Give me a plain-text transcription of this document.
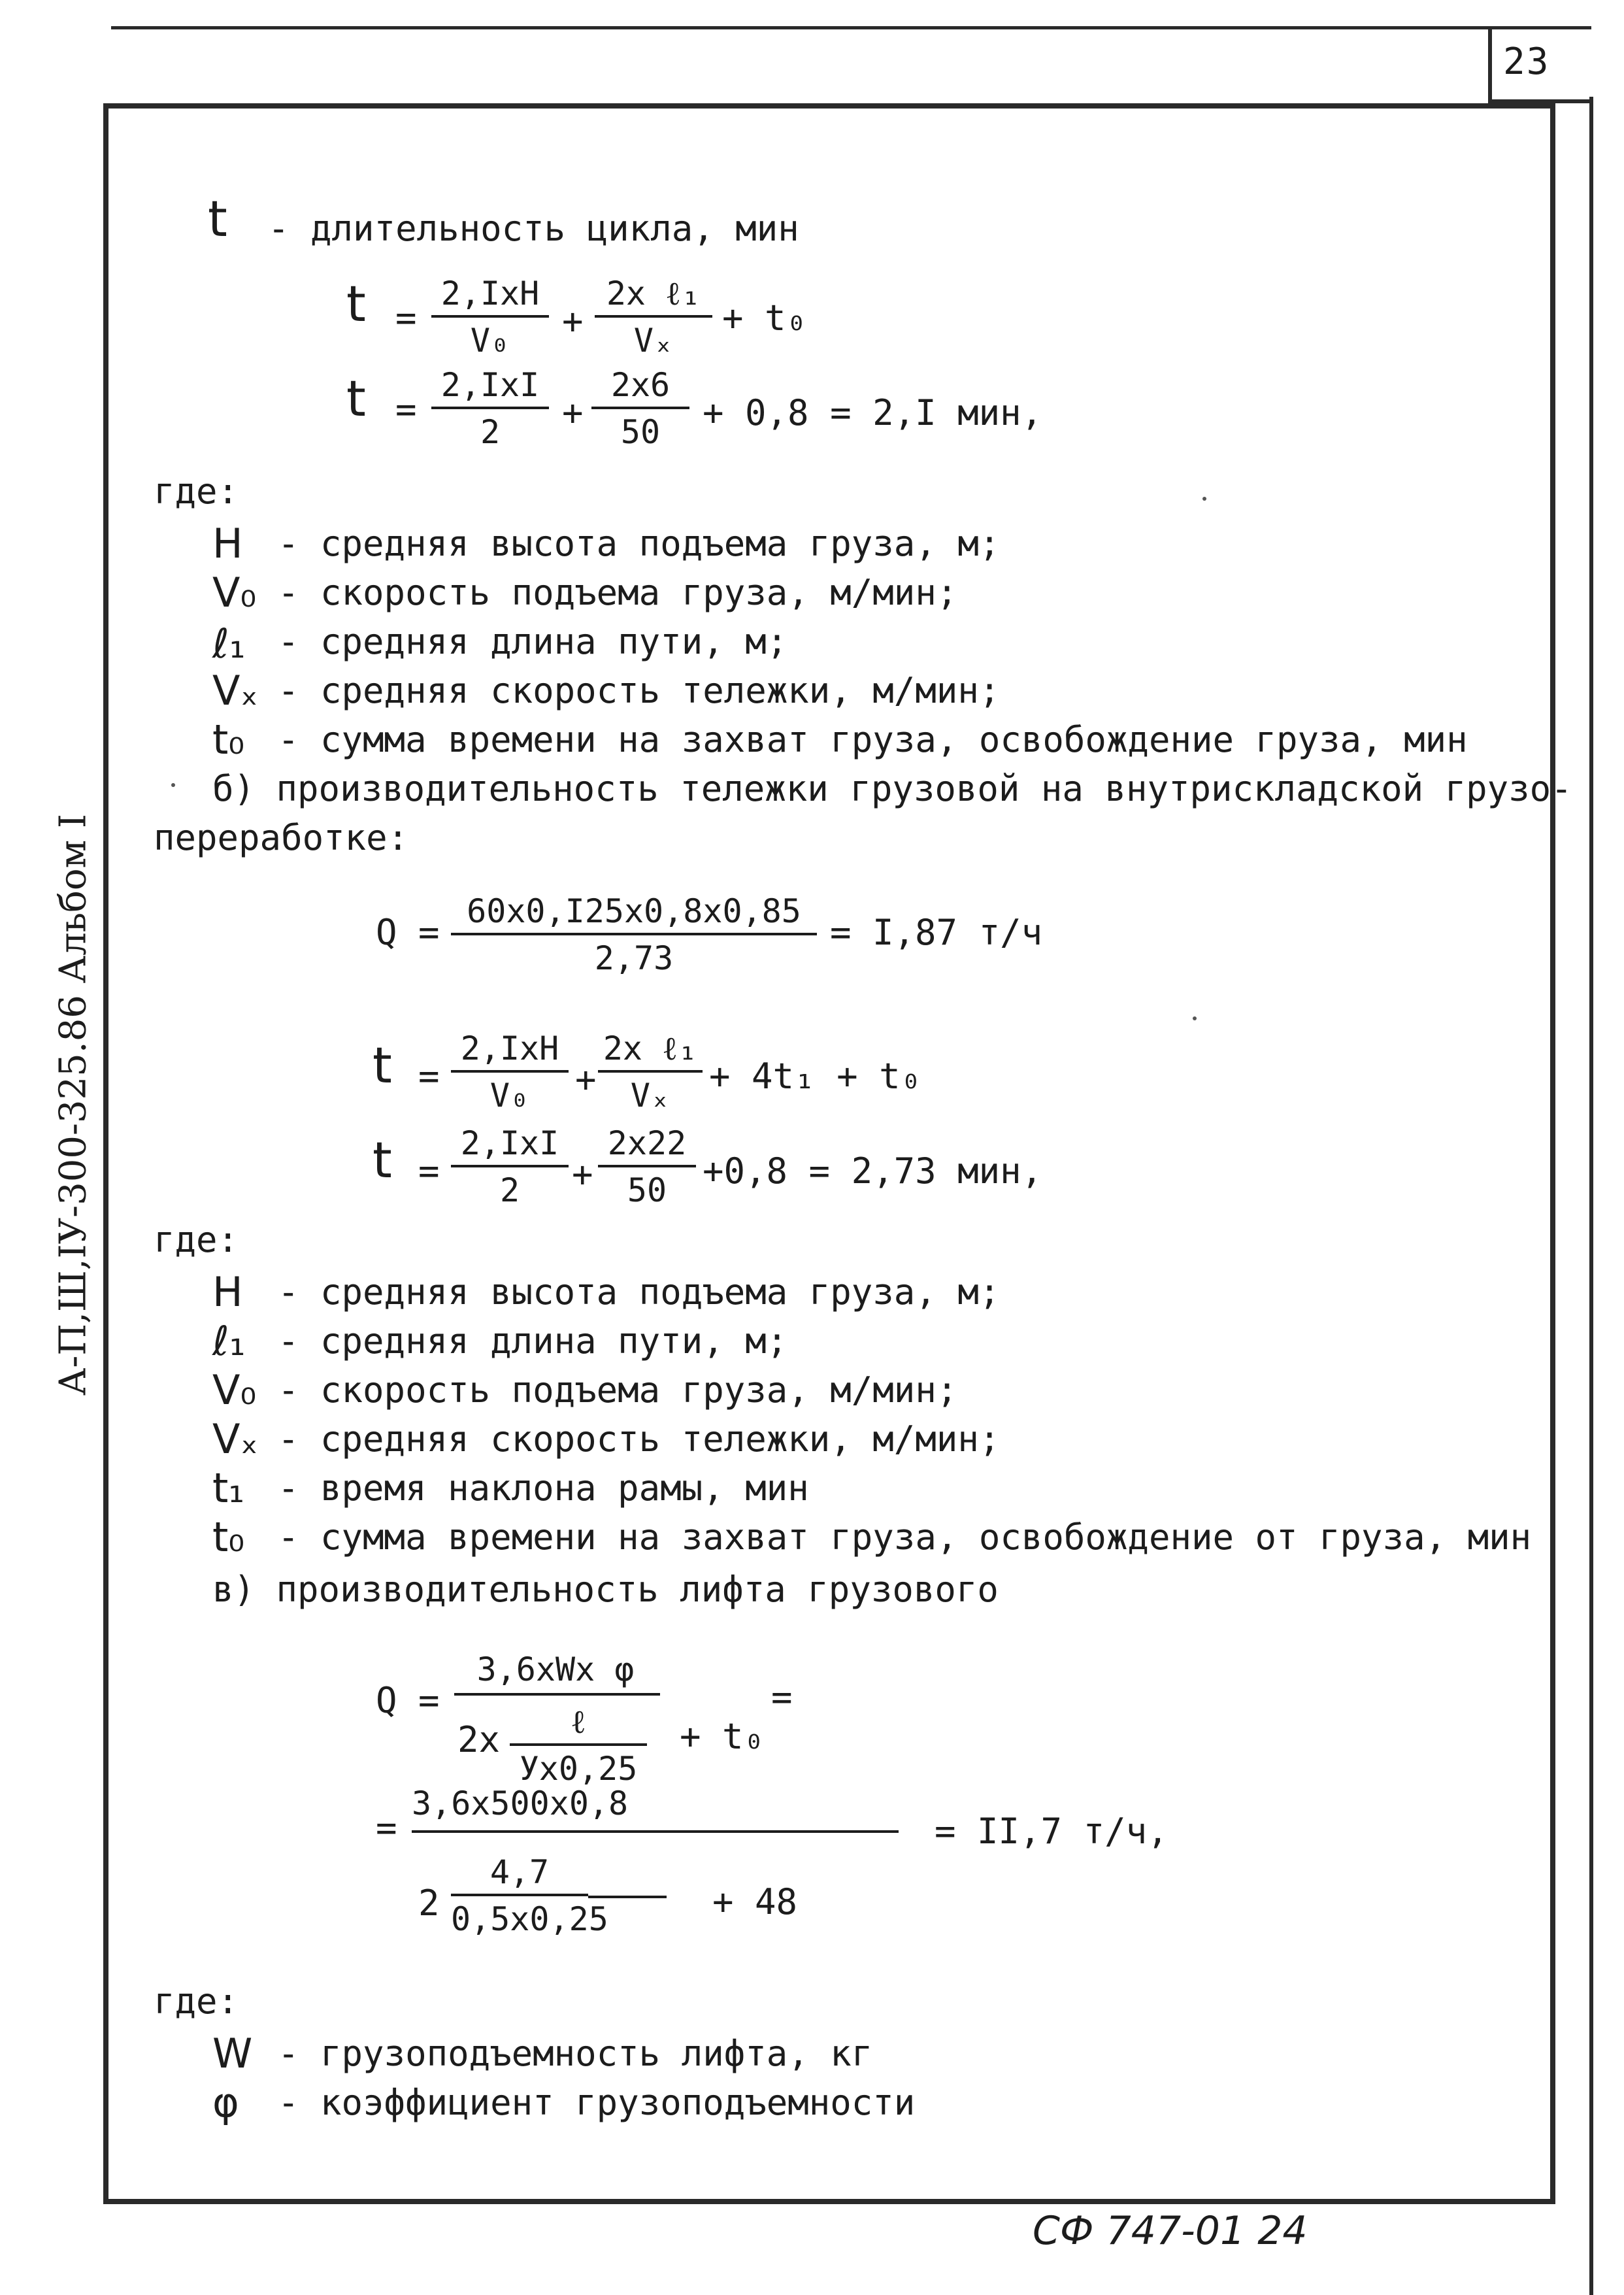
23
А-П,Ш,IУ-300-325.86 Альбом I
t - длительность цикла, мин
t =
2,IxH
V₀	+
2x ℓ₁
Vₓ
+ t₀
t =
2,IxI
2	+ $\frac{2x6}{50} + 0,8 = 2,I$ мин,
где:
H - средняя высота подъема груза, м;
V₀ - скорость подъема груза, м/мин;
ℓ₁ - средняя длина пути, м;
Vₓ - средняя скорость тележки, м/мин;
t₀ - сумма времени на захват груза, освобождение груза, мин
б) производительность тележки грузовой на внутрискладской грузо-
переработке:
$Q = \frac{60x0,I25x0,8x0,85}{2,73} = I,87$ т/ч
t =
2,IxH
V₀	+
2x ℓ₁
Vₓ	+ 4t₁ + t₀
t =
2,IxI
2	+ $\frac{2x22}{50} +0,8 = 2,73$ мин,
где:
H - средняя высота подъема груза, м;
ℓ₁ - средняя длина пути, м;
V₀ - скорость подъема груза, м/мин;
Vₓ - средняя скорость тележки, м/мин;
t₁ - время наклона рамы, мин
t₀ - сумма времени на захват груза, освобождение от груза, мин
в) производительность лифта грузового
Q =
3,6xWx φ
2x	ℓ
Уx0,25
+ t₀
=
=
3,6x500x0,8
$2 \frac{4,7}{0,5x0,25}$	+ 48
= II,7 т/ч,
где:
W - грузоподъемность лифта, кг
φ - коэффициент грузоподъемности
СФ 747-01 24
